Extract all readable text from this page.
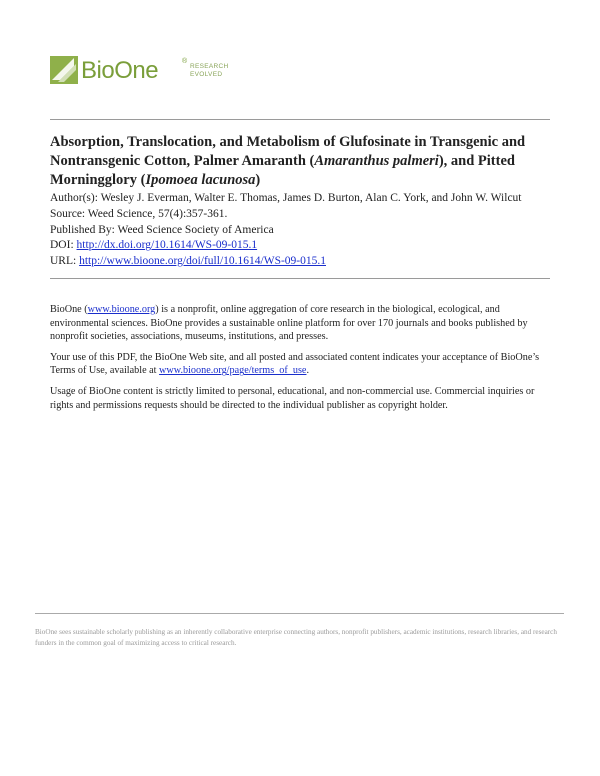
BioOne	®
RESEARCH
EVOLVED
Absorption, Translocation, and Metabolism of Glufosinate in Transgenic and Nontransgenic Cotton, Palmer Amaranth (Amaranthus palmeri), and Pitted Morningglory (Ipomoea lacunosa)
Author(s): Wesley J. Everman, Walter E. Thomas, James D. Burton, Alan C. York, and John W. Wilcut
Source: Weed Science, 57(4):357-361.
Published By: Weed Science Society of America
DOI: http://dx.doi.org/10.1614/WS-09-015.1
URL: http://www.bioone.org/doi/full/10.1614/WS-09-015.1

BioOne (www.bioone.org) is a nonprofit, online aggregation of core research in the biological, ecological, and environmental sciences. BioOne provides a sustainable online platform for over 170 journals and books published by nonprofit societies, associations, museums, institutions, and presses.

Your use of this PDF, the BioOne Web site, and all posted and associated content indicates your acceptance of BioOne’s Terms of Use, available at www.bioone.org/page/terms_of_use.

Usage of BioOne content is strictly limited to personal, educational, and non-commercial use. Commercial inquiries or rights and permissions requests should be directed to the individual publisher as copyright holder.

BioOne sees sustainable scholarly publishing as an inherently collaborative enterprise connecting authors, nonprofit publishers, academic institutions, research libraries, and research funders in the common goal of maximizing access to critical research.
